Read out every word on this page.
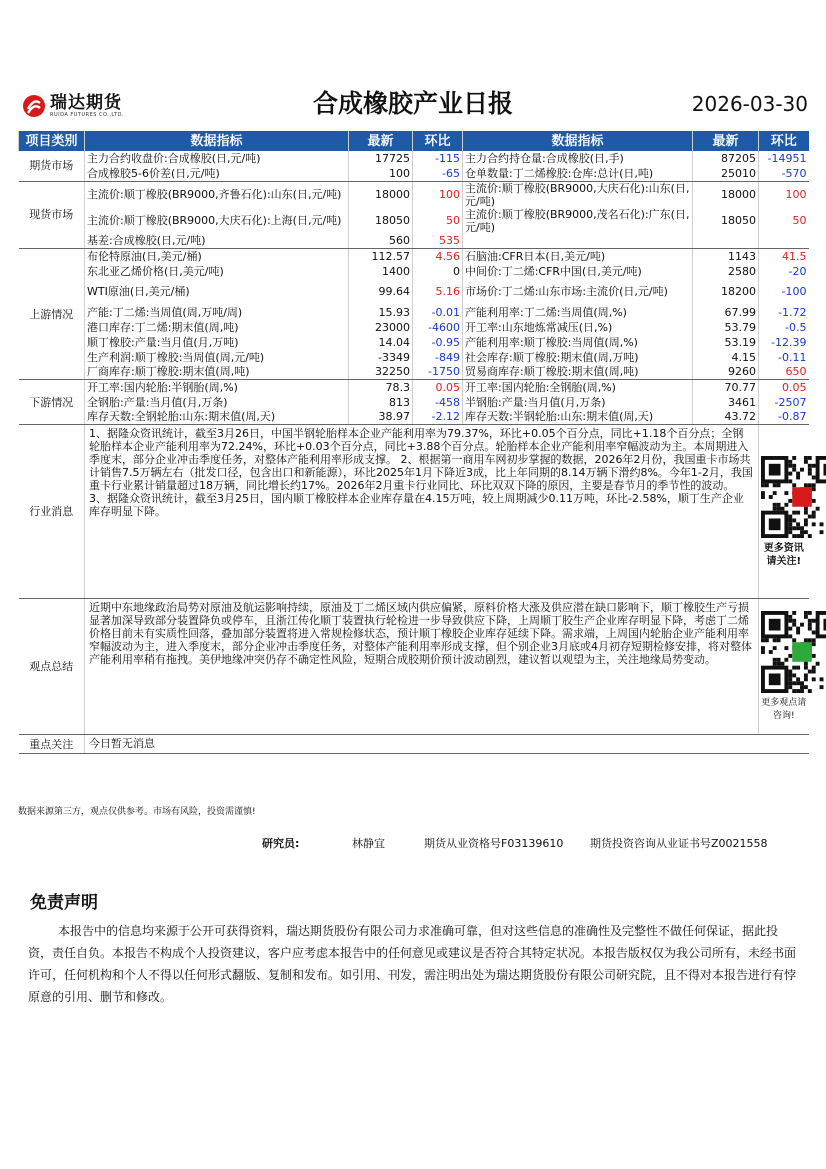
瑞达期货
RUIDA FUTURES CO.,LTD.	合成橡胶产业日报	2026-03-30
项目类别	数据指标	最新	环比	数据指标	最新	环比
期货市场	主力合约收盘价:合成橡胶(日,元/吨)	17725	-115	主力合约持仓量:合成橡胶(日,手)	87205	-14951
	合成橡胶5-6价差(日,元/吨)	100	-65	仓单数量:丁二烯橡胶:仓库:总计(日,吨)	25010	-570
现货市场	主流价:顺丁橡胶(BR9000,齐鲁石化):山东(日,元/吨)	18000	100	主流价:顺丁橡胶(BR9000,大庆石化):山东(日,元/吨)	18000	100
	主流价:顺丁橡胶(BR9000,大庆石化):上海(日,元/吨)	18050	50	主流价:顺丁橡胶(BR9000,茂名石化):广东(日,元/吨)	18050	50
	基差:合成橡胶(日,元/吨)	560	535			
上游情况	布伦特原油(日,美元/桶)	112.57	4.56	石脑油:CFR日本(日,美元/吨)	1143	41.5
	东北亚乙烯价格(日,美元/吨)	1400	0	中间价:丁二烯:CFR中国(日,美元/吨)	2580	-20
	WTI原油(日,美元/桶)	99.64	5.16	市场价:丁二烯:山东市场:主流价(日,元/吨)	18200	-100
	产能:丁二烯:当周值(周,万吨/周)	15.93	-0.01	产能利用率:丁二烯:当周值(周,%)	67.99	-1.72
	港口库存:丁二烯:期末值(周,吨)	23000	-4600	开工率:山东地炼常减压(日,%)	53.79	-0.5
	顺丁橡胶:产量:当月值(月,万吨)	14.04	-0.95	产能利用率:顺丁橡胶:当周值(周,%)	53.19	-12.39
	生产利润:顺丁橡胶:当周值(周,元/吨)	-3349	-849	社会库存:顺丁橡胶:期末值(周,万吨)	4.15	-0.11
	厂商库存:顺丁橡胶:期末值(周,吨)	32250	-1750	贸易商库存:顺丁橡胶:期末值(周,吨)	9260	650
下游情况	开工率:国内轮胎:半钢胎(周,%)	78.3	0.05	开工率:国内轮胎:全钢胎(周,%)	70.77	0.05
	全钢胎:产量:当月值(月,万条)	813	-458	半钢胎:产量:当月值(月,万条)	3461	-2507
	库存天数:全钢轮胎:山东:期末值(周,天)	38.97	-2.12	库存天数:半钢轮胎:山东:期末值(周,天)	43.72	-0.87
行业消息	1、据隆众资讯统计，截至3月26日，中国半钢轮胎样本企业产能利用率为79.37%，环比+0.05个百分点，同比+1.18个百分点；全钢轮胎样本企业产能利用率为72.24%，环比+0.03个百分点，同比+3.88个百分点。轮胎样本企业产能利用率窄幅波动为主。本周期进入季度末，部分企业冲击季度任务，对整体产能利用率形成支撑。 2、根据第一商用车网初步掌握的数据，2026年2月份，我国重卡市场共计销售7.5万辆左右（批发口径，包含出口和新能源），环比2025年1月下降近3成，比上年同期的8.14万辆下滑约8%。今年1-2月，我国重卡行业累计销量超过18万辆，同比增长约17%。2026年2月重卡行业同比、环比双双下降的原因，主要是春节月的季节性的波动。 3、据隆众资讯统计，截至3月25日，国内顺丁橡胶样本企业库存量在4.15万吨，较上周期减少0.11万吨，环比-2.58%，顺丁生产企业库存明显下降。					更多资讯请关注!

观点总结	近期中东地缘政治局势对原油及航运影响持续，原油及丁二烯区域内供应偏紧，原料价格大涨及供应潜在缺口影响下，顺丁橡胶生产亏损显著加深导致部分装置降负或停车，且浙江传化顺丁装置执行轮检进一步导致供应下降，上周顺丁胶生产企业库存明显下降，考虑丁二烯价格目前未有实质性回落，叠加部分装置将进入常规检修状态，预计顺丁橡胶企业库存延续下降。需求端，上周国内轮胎企业产能利用率窄幅波动为主，进入季度末，部分企业冲击季度任务，对整体产能利用率形成支撑，但个别企业3月底或4月初存短期检修安排，将对整体产能利用率稍有拖拽。美伊地缘冲突仍存不确定性风险，短期合成胶期价预计波动剧烈，建议暂以观望为主，关注地缘局势变动。					更多观点请咨询!

重点关注	今日暂无消息					
数据来源第三方，观点仅供参考。市场有风险，投资需谨慎!
研究员:	林静宜	期货从业资格号F03139610 期货投资咨询从业证书号Z0021558
免责声明
本报告中的信息均来源于公开可获得资料，瑞达期货股份有限公司力求准确可靠，但对这些信息的准确性及完整性不做任何保证，据此投资，责任自负。本报告不构成个人投资建议，客户应考虑本报告中的任何意见或建议是否符合其特定状况。本报告版权仅为我公司所有，未经书面许可，任何机构和个人不得以任何形式翻版、复制和发布。如引用、刊发，需注明出处为瑞达期货股份有限公司研究院，且不得对本报告进行有悖原意的引用、删节和修改。
